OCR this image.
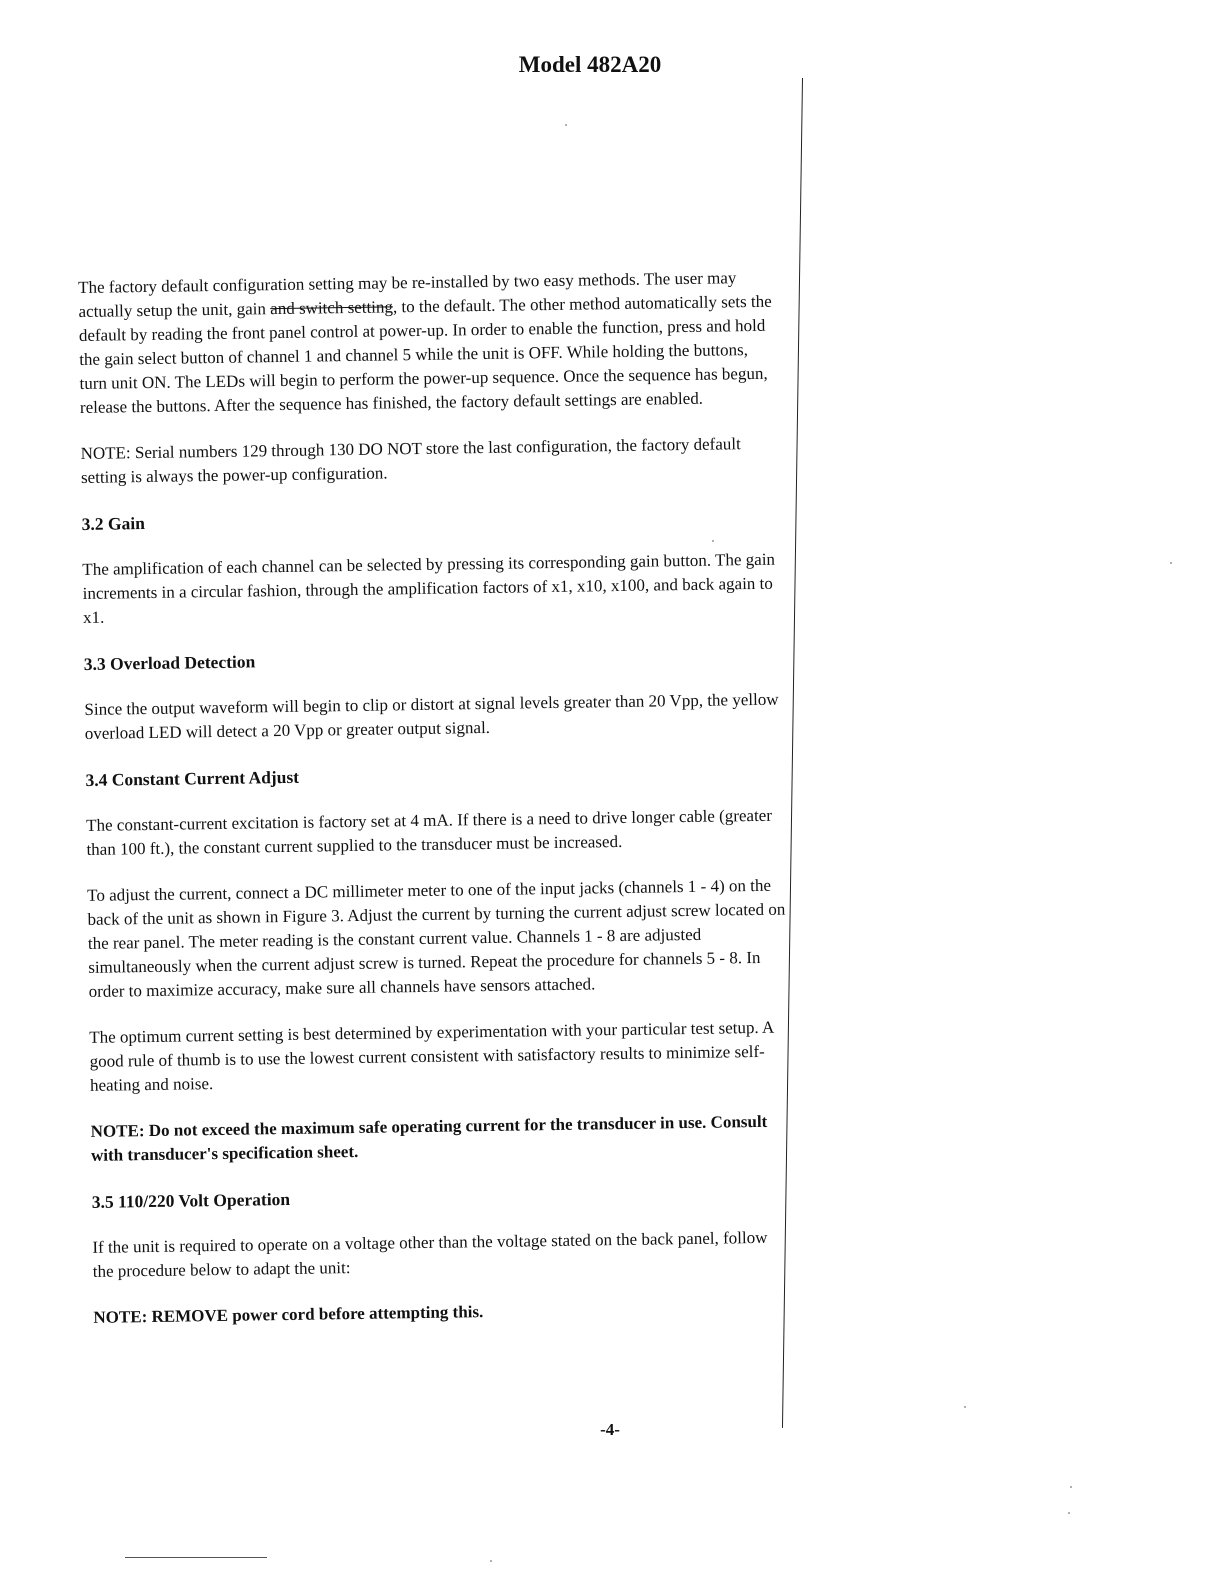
Model 482A20

The factory default configuration setting may be re-installed by two easy methods. The user may actually setup the unit, gain and switch setting, to the default. The other method automatically sets the default by reading the front panel control at power-up. In order to enable the function, press and hold the gain select button of channel 1 and channel 5 while the unit is OFF. While holding the buttons, turn unit ON. The LEDs will begin to perform the power-up sequence. Once the sequence has begun, release the buttons. After the sequence has finished, the factory default settings are enabled.

NOTE: Serial numbers 129 through 130 DO NOT store the last configuration, the factory default setting is always the power-up configuration.

3.2 Gain

The amplification of each channel can be selected by pressing its corresponding gain button. The gain increments in a circular fashion, through the amplification factors of x1, x10, x100, and back again to x1.

3.3 Overload Detection

Since the output waveform will begin to clip or distort at signal levels greater than 20 Vpp, the yellow overload LED will detect a 20 Vpp or greater output signal.

3.4 Constant Current Adjust

The constant-current excitation is factory set at 4 mA. If there is a need to drive longer cable (greater than 100 ft.), the constant current supplied to the transducer must be increased.

To adjust the current, connect a DC millimeter meter to one of the input jacks (channels 1 - 4) on the back of the unit as shown in Figure 3. Adjust the current by turning the current adjust screw located on the rear panel. The meter reading is the constant current value. Channels 1 - 8 are adjusted simultaneously when the current adjust screw is turned. Repeat the procedure for channels 5 - 8. In order to maximize accuracy, make sure all channels have sensors attached.

The optimum current setting is best determined by experimentation with your particular test setup. A good rule of thumb is to use the lowest current consistent with satisfactory results to minimize self-heating and noise.

NOTE: Do not exceed the maximum safe operating current for the transducer in use. Consult with transducer's specification sheet.

3.5 110/220 Volt Operation

If the unit is required to operate on a voltage other than the voltage stated on the back panel, follow the procedure below to adapt the unit:

NOTE: REMOVE power cord before attempting this.

-4-
